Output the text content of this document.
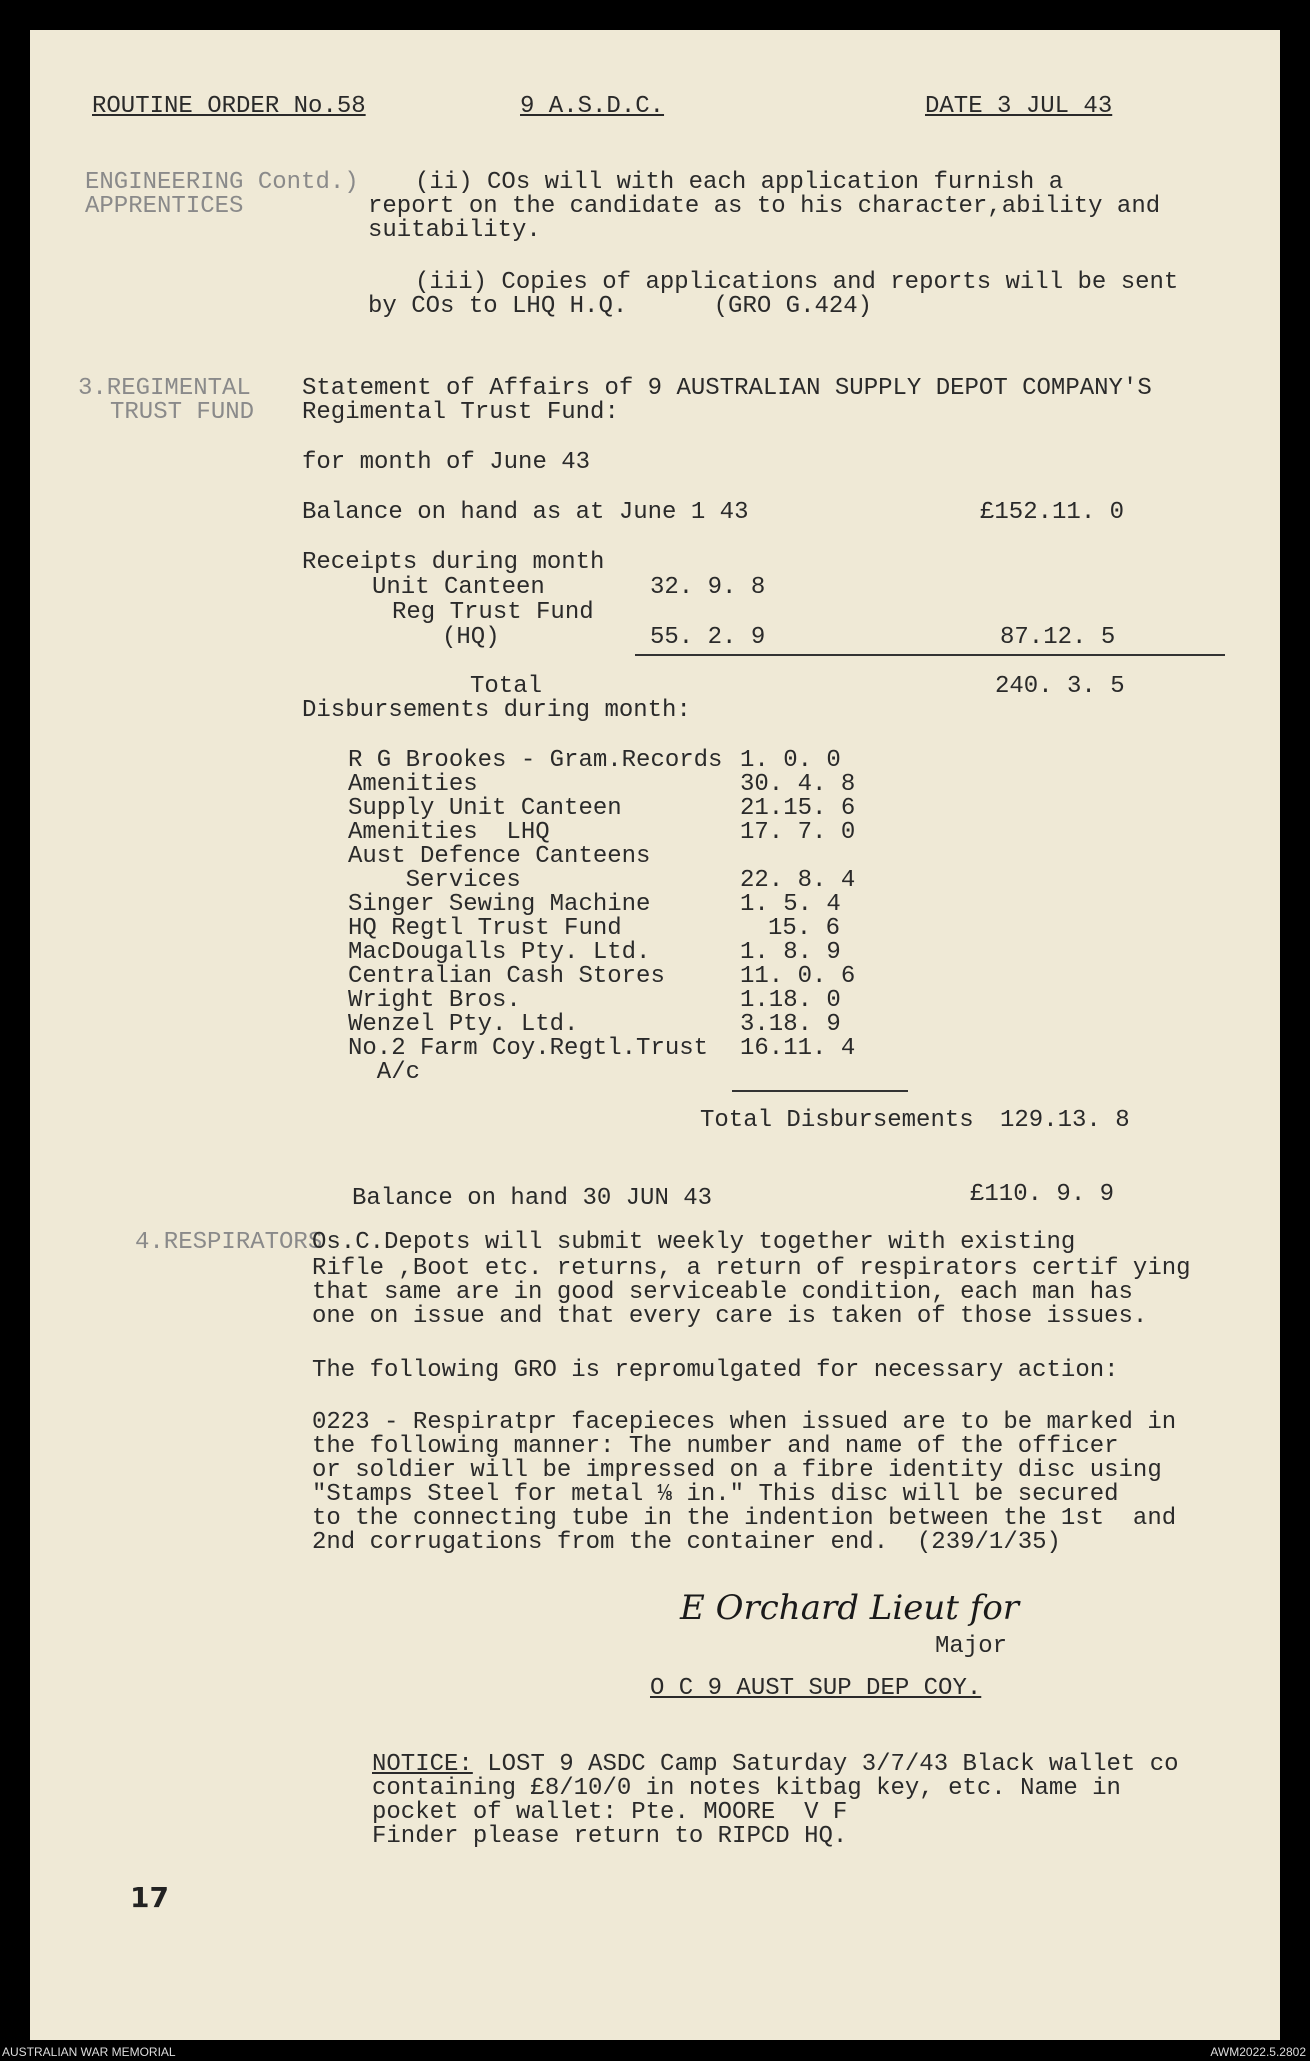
ROUTINE ORDER No.58	9 A.S.D.C.	DATE 3 JUL 43
ENGINEERING Contd.)
APPRENTICES
(ii) COs will with each application furnish a
report on the candidate as to his character,ability and
suitability.
(iii) Copies of applications and reports will be sent
by COs to LHQ H.Q.      (GRO G.424)
3.REGIMENTAL
TRUST FUND
Statement of Affairs of 9 AUSTRALIAN SUPPLY DEPOT COMPANY'S
Regimental Trust Fund:
for month of June 43
Balance on hand as at June 1 43	£152.11. 0
Receipts during month
Unit Canteen	32. 9. 8
Reg Trust Fund
(HQ)	55. 2. 9	87.12. 5
Total	240. 3. 5
Disbursements during month:
R G Brookes - Gram.Records 1. 0. 0
Amenities	30. 4. 8
Supply Unit Canteen	21.15. 6
Amenities  LHQ	17. 7. 0
Aust Defence Canteens
Services	22. 8. 4
Singer Sewing Machine	1. 5. 4
HQ Regtl Trust Fund	15. 6
MacDougalls Pty. Ltd.	1. 8. 9
Centralian Cash Stores	11. 0. 6
Wright Bros.	1.18. 0
Wenzel Pty. Ltd.	3.18. 9
No.2 Farm Coy.Regtl.Trust 16.11. 4
A/c
Total Disbursements 129.13. 8
Balance on hand 30 JUN 43	£110. 9. 9
4.RESPIRATORS
Os.C.Depots will submit weekly together with existing
Rifle ,Boot etc. returns, a return of respirators certif ying
that same are in good serviceable condition, each man has
one on issue and that every care is taken of those issues.
The following GRO is repromulgated for necessary action:
0223 - Respiratpr facepieces when issued are to be marked in
the following manner: The number and name of the officer
or soldier will be impressed on a fibre identity disc using
"Stamps Steel for metal ⅛ in." This disc will be secured
to the connecting tube in the indention between the 1st  and
2nd corrugations from the container end.  (239/1/35)
E Orchard Lieut for
Major
O C 9 AUST SUP DEP COY.
NOTICE: LOST 9 ASDC Camp Saturday 3/7/43 Black wallet co
containing £8/10/0 in notes kitbag key, etc. Name in
pocket of wallet: Pte. MOORE  V F
Finder please return to RIPCD HQ.
17
AUSTRALIAN WAR MEMORIAL	AWM2022.5.2802
